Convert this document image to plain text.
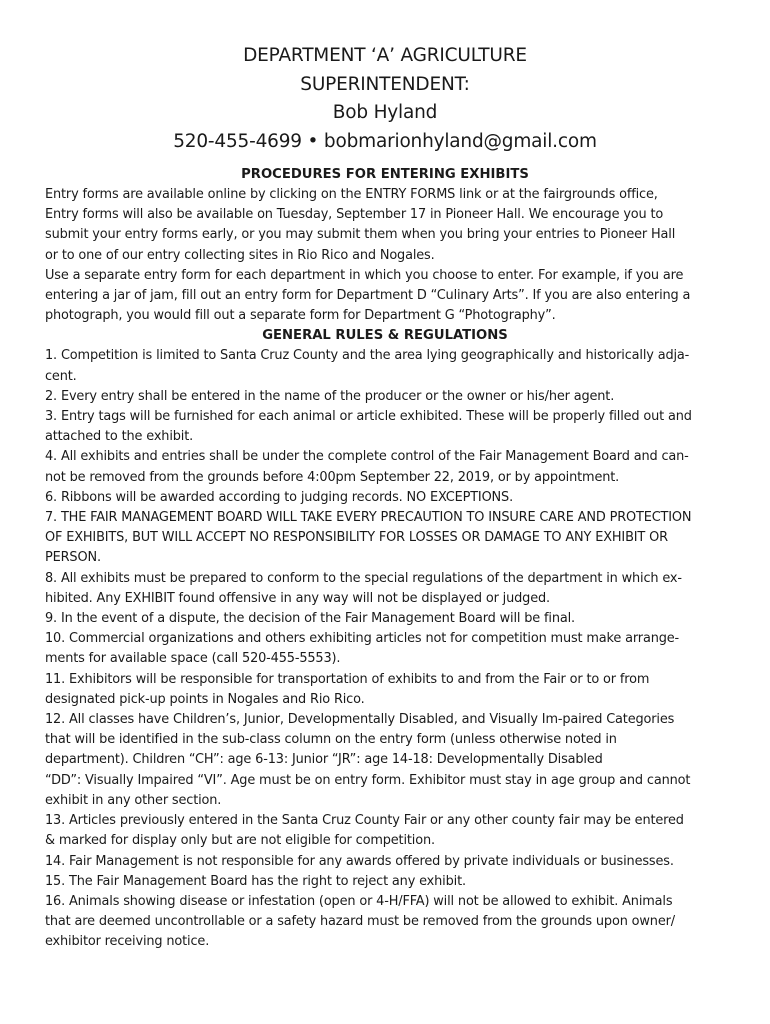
DEPARTMENT ‘A’ AGRICULTURE
SUPERINTENDENT:
Bob Hyland
520-455-4699 • bobmarionhyland@gmail.com
PROCEDURES FOR ENTERING EXHIBITS

Entry forms are available online by clicking on the ENTRY FORMS link or at the fairgrounds office,
Entry forms will also be available on Tuesday, September 17 in Pioneer Hall. We encourage you to
submit your entry forms early, or you may submit them when you bring your entries to Pioneer Hall
or to one of our entry collecting sites in Rio Rico and Nogales.

Use a separate entry form for each department in which you choose to enter. For example, if you are
entering a jar of jam, fill out an entry form for Department D “Culinary Arts”. If you are also entering a
photograph, you would fill out a separate form for Department G “Photography”.

GENERAL RULES & REGULATIONS

1. Competition is limited to Santa Cruz County and the area lying geographically and historically adja-
cent.

2. Every entry shall be entered in the name of the producer or the owner or his/her agent.

3. Entry tags will be furnished for each animal or article exhibited. These will be properly filled out and
attached to the exhibit.

4. All exhibits and entries shall be under the complete control of the Fair Management Board and can-
not be removed from the grounds before 4:00pm September 22, 2019, or by appointment.

6. Ribbons will be awarded according to judging records. NO EXCEPTIONS.

7. THE FAIR MANAGEMENT BOARD WILL TAKE EVERY PRECAUTION TO INSURE CARE AND PROTECTION
OF EXHIBITS, BUT WILL ACCEPT NO RESPONSIBILITY FOR LOSSES OR DAMAGE TO ANY EXHIBIT OR
PERSON.

8. All exhibits must be prepared to conform to the special regulations of the department in which ex-
hibited. Any EXHIBIT found offensive in any way will not be displayed or judged.

9. In the event of a dispute, the decision of the Fair Management Board will be final.

10. Commercial organizations and others exhibiting articles not for competition must make arrange-
ments for available space (call 520-455-5553).

11. Exhibitors will be responsible for transportation of exhibits to and from the Fair or to or from
designated pick-up points in Nogales and Rio Rico.

12. All classes have Children’s, Junior, Developmentally Disabled, and Visually Im-paired Categories
that will be identified in the sub-class column on the entry form (unless otherwise noted in
department). Children “CH”: age 6-13: Junior “JR”: age 14-18: Developmentally Disabled
“DD”: Visually Impaired “VI”. Age must be on entry form. Exhibitor must stay in age group and cannot
exhibit in any other section.

13. Articles previously entered in the Santa Cruz County Fair or any other county fair may be entered
& marked for display only but are not eligible for competition.

14. Fair Management is not responsible for any awards offered by private individuals or businesses.

15. The Fair Management Board has the right to reject any exhibit.

16. Animals showing disease or infestation (open or 4-H/FFA) will not be allowed to exhibit. Animals
that are deemed uncontrollable or a safety hazard must be removed from the grounds upon owner/
exhibitor receiving notice.
